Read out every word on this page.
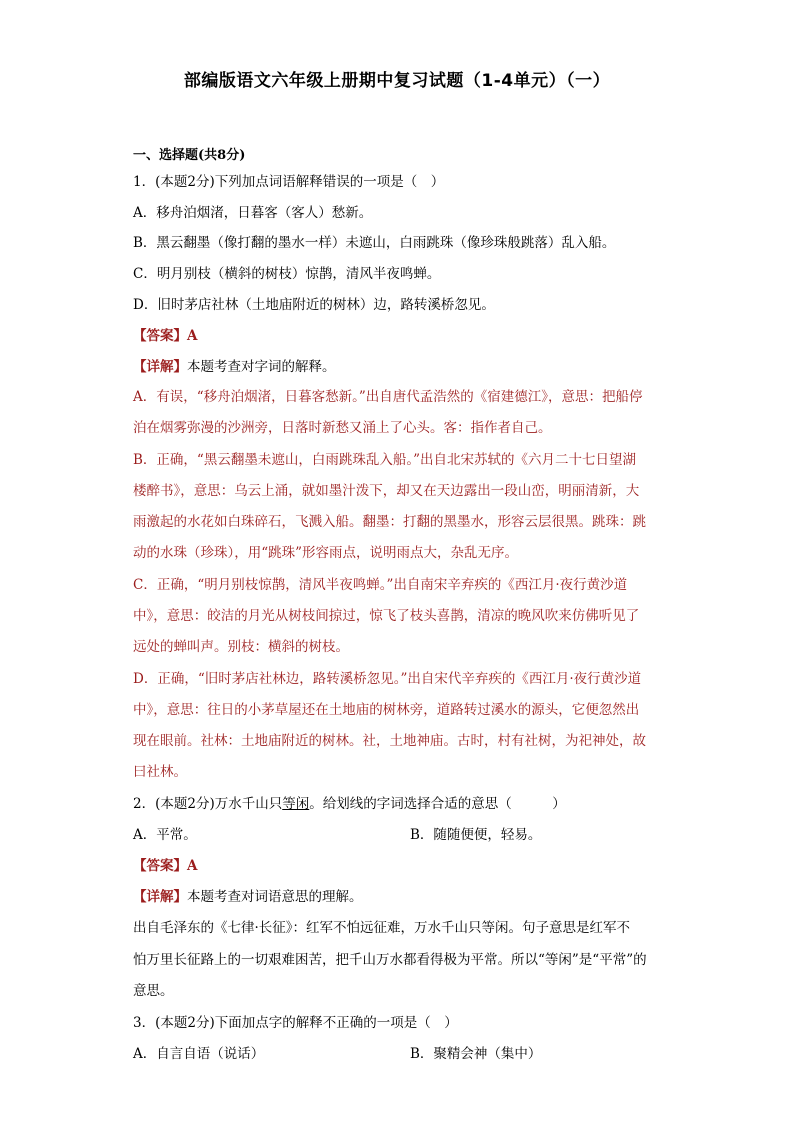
部编版语文六年级上册期中复习试题（1-4单元）（一）
一、选择题(共8分)
1．(本题2分)下列加点词语解释错误的一项是（　）
A．移舟泊烟渚，日暮客（客人）愁新。
B．黑云翻墨（像打翻的墨水一样）未遮山，白雨跳珠（像珍珠般跳落）乱入船。
C．明月别枝（横斜的树枝）惊鹊，清风半夜鸣蝉。
D．旧时茅店社林（土地庙附近的树林）边，路转溪桥忽见。
【答案】A
【详解】本题考查对字词的解释。
A．有误，“移舟泊烟渚，日暮客愁新。”出自唐代孟浩然的《宿建德江》，意思：把船停
泊在烟雾弥漫的沙洲旁，日落时新愁又涌上了心头。客：指作者自己。
B．正确，“黑云翻墨未遮山，白雨跳珠乱入船。”出自北宋苏轼的《六月二十七日望湖
楼醉书》，意思：乌云上涌，就如墨汁泼下，却又在天边露出一段山峦，明丽清新，大
雨激起的水花如白珠碎石，飞溅入船。翻墨：打翻的黑墨水，形容云层很黑。跳珠：跳
动的水珠（珍珠），用“跳珠”形容雨点，说明雨点大，杂乱无序。
C．正确，“明月别枝惊鹊，清风半夜鸣蝉。”出自南宋辛弃疾的《西江月·夜行黄沙道
中》，意思：皎洁的月光从树枝间掠过，惊飞了枝头喜鹊，清凉的晚风吹来仿佛听见了
远处的蝉叫声。别枝：横斜的树枝。
D．正确，“旧时茅店社林边，路转溪桥忽见。”出自宋代辛弃疾的《西江月·夜行黄沙道
中》，意思：往日的小茅草屋还在土地庙的树林旁，道路转过溪水的源头，它便忽然出
现在眼前。社林：土地庙附近的树林。社，土地神庙。古时，村有社树，为祀神处，故
曰社林。
2．(本题2分)万水千山只等闲。给划线的字词选择合适的意思（　　　）
A．平常。	B．随随便便，轻易。
【答案】A
【详解】本题考查对词语意思的理解。
出自毛泽东的《七律·长征》：红军不怕远征难，万水千山只等闲。句子意思是红军不
怕万里长征路上的一切艰难困苦，把千山万水都看得极为平常。所以“等闲”是“平常”的
意思。
3．(本题2分)下面加点字的解释不正确的一项是（　）
A．自言自语（说话）	B．聚精会神（集中）
